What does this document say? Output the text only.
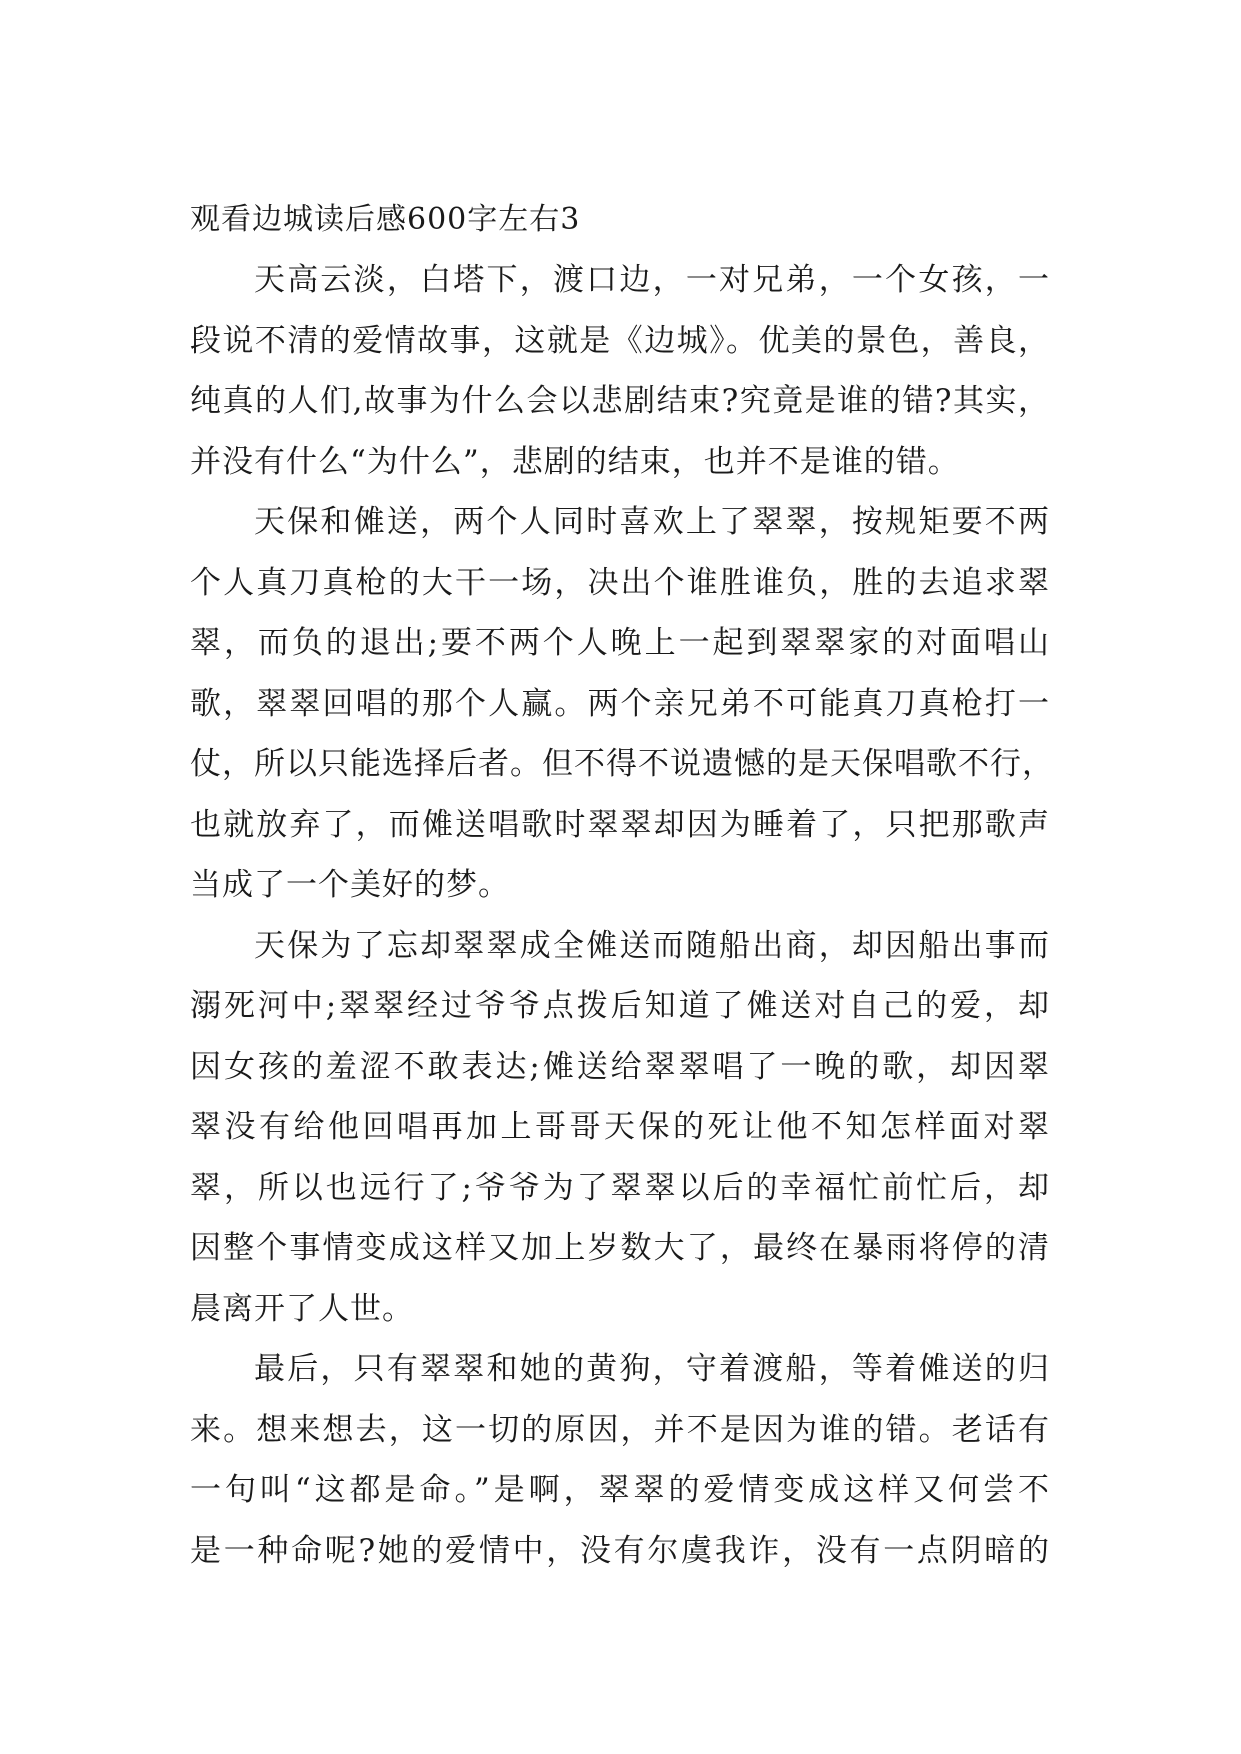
观看边城读后感600字左右3

天高云淡，白塔下，渡口边，一对兄弟，一个女孩，一
段说不清的爱情故事，这就是《边城》。优美的景色，善良，
纯真的人们,故事为什么会以悲剧结束?究竟是谁的错?其实，
并没有什么“为什么”，悲剧的结束，也并不是谁的错。
天保和傩送，两个人同时喜欢上了翠翠，按规矩要不两
个人真刀真枪的大干一场，决出个谁胜谁负，胜的去追求翠
翠，而负的退出;要不两个人晚上一起到翠翠家的对面唱山
歌，翠翠回唱的那个人赢。两个亲兄弟不可能真刀真枪打一
仗，所以只能选择后者。但不得不说遗憾的是天保唱歌不行，
也就放弃了，而傩送唱歌时翠翠却因为睡着了，只把那歌声
当成了一个美好的梦。
天保为了忘却翠翠成全傩送而随船出商，却因船出事而
溺死河中;翠翠经过爷爷点拨后知道了傩送对自己的爱，却
因女孩的羞涩不敢表达;傩送给翠翠唱了一晚的歌，却因翠
翠没有给他回唱再加上哥哥天保的死让他不知怎样面对翠
翠，所以也远行了;爷爷为了翠翠以后的幸福忙前忙后，却
因整个事情变成这样又加上岁数大了，最终在暴雨将停的清
晨离开了人世。
最后，只有翠翠和她的黄狗，守着渡船，等着傩送的归
来。想来想去，这一切的原因，并不是因为谁的错。老话有
一句叫“这都是命。”是啊，翠翠的爱情变成这样又何尝不
是一种命呢?她的爱情中，没有尔虞我诈，没有一点阴暗的
